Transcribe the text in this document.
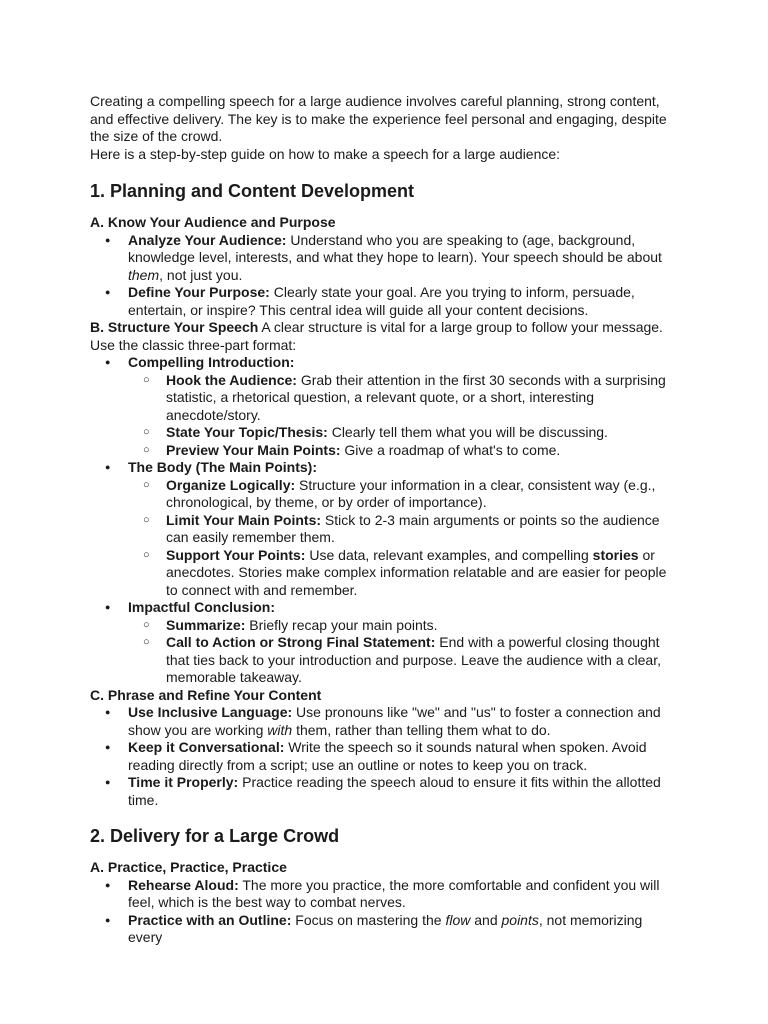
Creating a compelling speech for a large audience involves careful planning, strong content, and effective delivery. The key is to make the experience feel personal and engaging, despite the size of the crowd.

Here is a step-by-step guide on how to make a speech for a large audience:

1. Planning and Content Development

A. Know Your Audience and Purpose

● Analyze Your Audience: Understand who you are speaking to (age, background, knowledge level, interests, and what they hope to learn). Your speech should be about them, not just you.
● Define Your Purpose: Clearly state your goal. Are you trying to inform, persuade, entertain, or inspire? This central idea will guide all your content decisions.

B. Structure Your Speech A clear structure is vital for a large group to follow your message. Use the classic three-part format:

● Compelling Introduction:
○ Hook the Audience: Grab their attention in the first 30 seconds with a surprising statistic, a rhetorical question, a relevant quote, or a short, interesting anecdote/story.
○ State Your Topic/Thesis: Clearly tell them what you will be discussing.
○ Preview Your Main Points: Give a roadmap of what's to come.
● The Body (The Main Points):
○ Organize Logically: Structure your information in a clear, consistent way (e.g., chronological, by theme, or by order of importance).
○ Limit Your Main Points: Stick to 2-3 main arguments or points so the audience can easily remember them.
○ Support Your Points: Use data, relevant examples, and compelling stories or anecdotes. Stories make complex information relatable and are easier for people to connect with and remember.
● Impactful Conclusion:
○ Summarize: Briefly recap your main points.
○ Call to Action or Strong Final Statement: End with a powerful closing thought that ties back to your introduction and purpose. Leave the audience with a clear, memorable takeaway.

C. Phrase and Refine Your Content

● Use Inclusive Language: Use pronouns like "we" and "us" to foster a connection and show you are working with them, rather than telling them what to do.
● Keep it Conversational: Write the speech so it sounds natural when spoken. Avoid reading directly from a script; use an outline or notes to keep you on track.
● Time it Properly: Practice reading the speech aloud to ensure it fits within the allotted time.
2. Delivery for a Large Crowd

A. Practice, Practice, Practice

● Rehearse Aloud: The more you practice, the more comfortable and confident you will feel, which is the best way to combat nerves.
● Practice with an Outline: Focus on mastering the flow and points, not memorizing every
